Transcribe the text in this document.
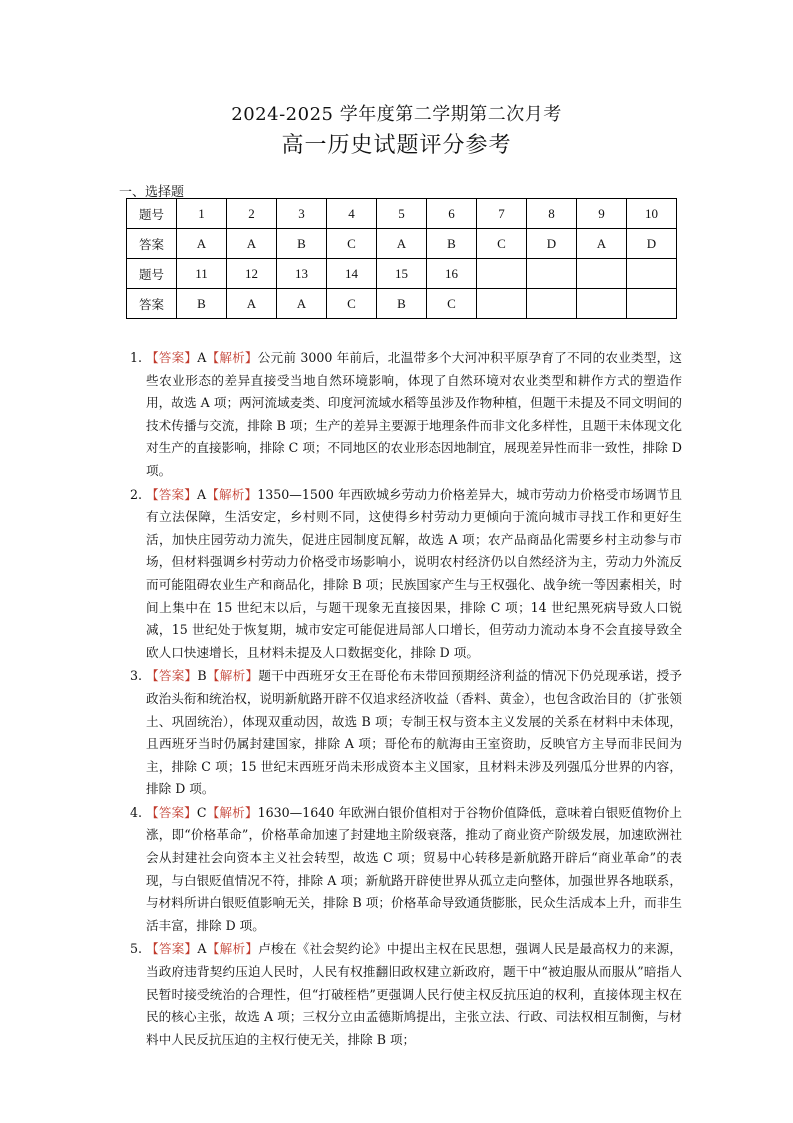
2024-2025 学年度第二学期第二次月考
高一历史试题评分参考
一、选择题
题号	1	2	3	4	5	6	7	8	9	10
答案	A	A	B	C	A	B	C	D	A	D
题号	11	12	13	14	15	16				
答案	B	A	A	C	B	C				
1. 【答案】A【解析】公元前 3000 年前后，北温带多个大河冲积平原孕育了不同的农业类型，这些农业形态的差异直接受当地自然环境影响，体现了自然环境对农业类型和耕作方式的塑造作用，故选 A 项；两河流域麦类、印度河流域水稻等虽涉及作物种植，但题干未提及不同文明间的技术传播与交流，排除 B 项；生产的差异主要源于地理条件而非文化多样性，且题干未体现文化对生产的直接影响，排除 C 项；不同地区的农业形态因地制宜，展现差异性而非一致性，排除 D 项。
2. 【答案】A【解析】1350—1500 年西欧城乡劳动力价格差异大，城市劳动力价格受市场调节且有立法保障，生活安定，乡村则不同，这使得乡村劳动力更倾向于流向城市寻找工作和更好生活，加快庄园劳动力流失，促进庄园制度瓦解，故选 A 项；农产品商品化需要乡村主动参与市场，但材料强调乡村劳动力价格受市场影响小，说明农村经济仍以自然经济为主，劳动力外流反而可能阻碍农业生产和商品化，排除 B 项；民族国家产生与王权强化、战争统一等因素相关，时间上集中在 15 世纪末以后，与题干现象无直接因果，排除 C 项；14 世纪黑死病导致人口锐减，15 世纪处于恢复期，城市安定可能促进局部人口增长，但劳动力流动本身不会直接导致全欧人口快速增长，且材料未提及人口数据变化，排除 D 项。
3. 【答案】B【解析】题干中西班牙女王在哥伦布未带回预期经济利益的情况下仍兑现承诺，授予政治头衔和统治权，说明新航路开辟不仅追求经济收益（香料、黄金），也包含政治目的（扩张领土、巩固统治），体现双重动因，故选 B 项；专制王权与资本主义发展的关系在材料中未体现，且西班牙当时仍属封建国家，排除 A 项；哥伦布的航海由王室资助，反映官方主导而非民间为主，排除 C 项；15 世纪末西班牙尚未形成资本主义国家，且材料未涉及列强瓜分世界的内容，排除 D 项。
4. 【答案】C【解析】1630—1640 年欧洲白银价值相对于谷物价值降低，意味着白银贬值物价上涨，即“价格革命”，价格革命加速了封建地主阶级衰落，推动了商业资产阶级发展，加速欧洲社会从封建社会向资本主义社会转型，故选 C 项；贸易中心转移是新航路开辟后“商业革命”的表现，与白银贬值情况不符，排除 A 项；新航路开辟使世界从孤立走向整体，加强世界各地联系，与材料所讲白银贬值影响无关，排除 B 项；价格革命导致通货膨胀，民众生活成本上升，而非生活丰富，排除 D 项。
5. 【答案】A【解析】卢梭在《社会契约论》中提出主权在民思想，强调人民是最高权力的来源，当政府违背契约压迫人民时，人民有权推翻旧政权建立新政府，题干中“被迫服从而服从”暗指人民暂时接受统治的合理性，但“打破桎梏”更强调人民行使主权反抗压迫的权利，直接体现主权在民的核心主张，故选 A 项；三权分立由孟德斯鸠提出，主张立法、行政、司法权相互制衡，与材料中人民反抗压迫的主权行使无关，排除 B 项；
